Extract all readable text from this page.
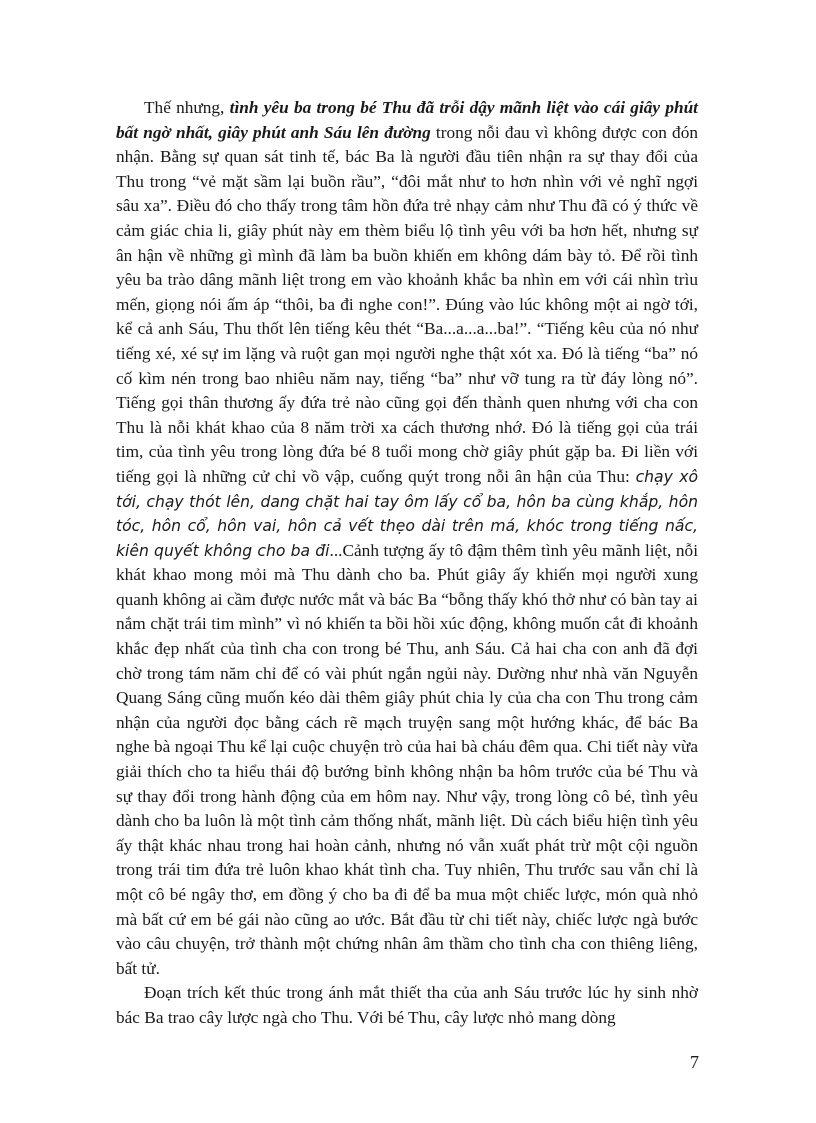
Thế nhưng, tình yêu ba trong bé Thu đã trỗi dậy mãnh liệt vào cái giây phút bất ngờ nhất, giây phút anh Sáu lên đường trong nỗi đau vì không được con đón nhận. Bằng sự quan sát tinh tế, bác Ba là người đầu tiên nhận ra sự thay đổi của Thu trong “vẻ mặt sầm lại buồn rầu”, “đôi mắt như to hơn nhìn với vẻ nghĩ ngợi sâu xa”. Điều đó cho thấy trong tâm hồn đứa trẻ nhạy cảm như Thu đã có ý thức về cảm giác chia li, giây phút này em thèm biểu lộ tình yêu với ba hơn hết, nhưng sự ân hận về những gì mình đã làm ba buồn khiến em không dám bày tỏ. Để rồi tình yêu ba trào dâng mãnh liệt trong em vào khoảnh khắc ba nhìn em với cái nhìn trìu mến, giọng nói ấm áp “thôi, ba đi nghe con!”. Đúng vào lúc không một ai ngờ tới, kể cả anh Sáu, Thu thốt lên tiếng kêu thét “Ba...a...a...ba!”. “Tiếng kêu của nó như tiếng xé, xé sự im lặng và ruột gan mọi người nghe thật xót xa. Đó là tiếng “ba” nó cố kìm nén trong bao nhiêu năm nay, tiếng “ba” như vỡ tung ra từ đáy lòng nó”. Tiếng gọi thân thương ấy đứa trẻ nào cũng gọi đến thành quen nhưng với cha con Thu là nỗi khát khao của 8 năm trời xa cách thương nhớ. Đó là tiếng gọi của trái tim, của tình yêu trong lòng đứa bé 8 tuổi mong chờ giây phút gặp ba. Đi liền với tiếng gọi là những cử chỉ vồ vập, cuống quýt trong nỗi ân hận của Thu: chạy xô tới, chạy thót lên, dang chặt hai tay ôm lấy cổ ba, hôn ba cùng khắp, hôn tóc, hôn cổ, hôn vai, hôn cả vết thẹo dài trên má, khóc trong tiếng nấc, kiên quyết không cho ba đi...Cảnh tượng ấy tô đậm thêm tình yêu mãnh liệt, nỗi khát khao mong mỏi mà Thu dành cho ba. Phút giây ấy khiến mọi người xung quanh không ai cầm được nước mắt và bác Ba “bỗng thấy khó thở như có bàn tay ai nắm chặt trái tim mình” vì nó khiến ta bồi hồi xúc động, không muốn cắt đi khoảnh khắc đẹp nhất của tình cha con trong bé Thu, anh Sáu. Cả hai cha con anh đã đợi chờ trong tám năm chỉ để có vài phút ngắn ngủi này. Dường như nhà văn Nguyễn Quang Sáng cũng muốn kéo dài thêm giây phút chia ly của cha con Thu trong cảm nhận của người đọc bằng cách rẽ mạch truyện sang một hướng khác, để bác Ba nghe bà ngoại Thu kể lại cuộc chuyện trò của hai bà cháu đêm qua. Chi tiết này vừa giải thích cho ta hiểu thái độ bướng bỉnh không nhận ba hôm trước của bé Thu và sự thay đổi trong hành động của em hôm nay. Như vậy, trong lòng cô bé, tình yêu dành cho ba luôn là một tình cảm thống nhất, mãnh liệt. Dù cách biểu hiện tình yêu ấy thật khác nhau trong hai hoàn cảnh, nhưng nó vẫn xuất phát trừ một cội nguồn trong trái tim đứa trẻ luôn khao khát tình cha. Tuy nhiên, Thu trước sau vẫn chỉ là một cô bé ngây thơ, em đồng ý cho ba đi để ba mua một chiếc lược, món quà nhỏ mà bất cứ em bé gái nào cũng ao ước. Bắt đầu từ chi tiết này, chiếc lược ngà bước vào câu chuyện, trở thành một chứng nhân âm thầm cho tình cha con thiêng liêng, bất tử.

Đoạn trích kết thúc trong ánh mắt thiết tha của anh Sáu trước lúc hy sinh nhờ bác Ba trao cây lược ngà cho Thu. Với bé Thu, cây lược nhỏ mang dòng

7
